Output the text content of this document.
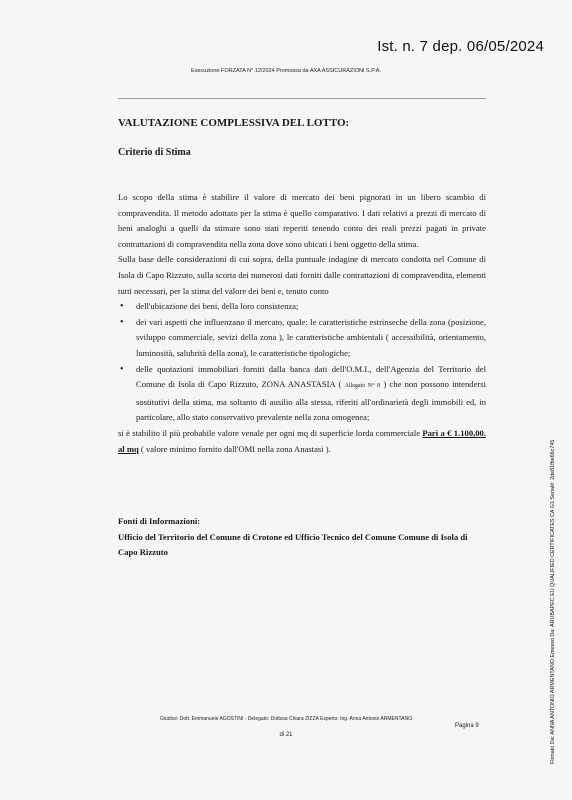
Ist. n. 7 dep. 06/05/2024
Esecuzione FORZATA N° 12/2024 Promossa da AXA ASSICURAZIONI S.P.A.
VALUTAZIONE COMPLESSIVA DEL LOTTO:
Criterio di Stima

Lo scopo della stima è stabilire il valore di mercato dei beni pignorati in un libero scambio di compravendita. Il metodo adottato per la stima è quello comparativo. I dati relativi a prezzi di mercato di beni analoghi a quelli da stimare sono stati reperiti tenendo conto dei reali prezzi pagati in private contrattazioni di compravendita nella zona dove sono ubicati i beni oggetto della stima.

Sulla base delle considerazioni di cui sopra, della puntuale indagine di mercato condotta nel Comune di Isola di Capo Rizzuto, sulla scorta dei numerosi dati forniti dalle contrattazioni di compravendita, elementi tutti necessari, per la stima del valore dei beni e, tenuto conto

• dell'ubicazione dei beni, della loro consistenza;
• dei vari aspetti che influenzano il mercato, quale: le caratteristiche estrinseche della zona (posizione, sviluppo commerciale, sevizi della zona ), le caratteristiche ambientali ( accessibilità, orientamento, luminosità, salubrità della zona), le caratteristiche tipologiche;
• delle quotazioni immobiliari forniti dalla banca dati dell'O.M.I., dell'Agenzia del Territorio del Comune di Isola di Capo Rizzuto, ZONA ANASTASIA ( Allegato N° 8 ) che non possono intendersi sostitutivi della stima, ma soltanto di ausilio alla stessa, riferiti all'ordinarietà degli immobili ed, in particolare, allo stato conservativo prevalente nella zona omogenea;

si è stabilito il più probabile valore venale per ogni mq di superficie lorda commerciale Pari a € 1.100,00. al mq ( valore minimo fornito dall'OMI nella zona Anastasi ).

Fonti di Informazioni:

Ufficio del Territorio del Comune di Crotone ed Ufficio Tecnico del Comune Comune di Isola di Capo Rizzuto	Firmato Da: ANNA ANTONIO ARMENTANO Emesso Da: ARUBAPEC EU QUALIFIED CERTIFICATES CA G1 Serial#: 2de81fbe66c745
Giudice: Dott. Emmanuele AGOSTINI - Delegato: Dottssa Chiara ZIZZA Esperto: Ing. Anna Antonio ARMENTANO
Pagina 9
di 21
